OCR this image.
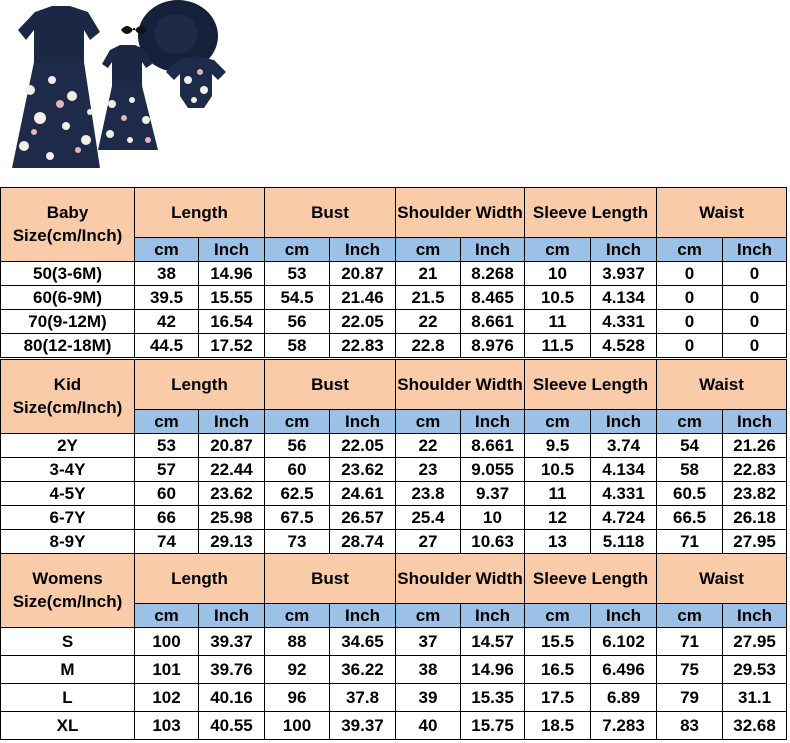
Baby
Size(cm/Inch)	Length		Bust		Shoulder Width		Sleeve Length		Waist	
	cm	Inch	cm	Inch	cm	Inch	cm	Inch	cm	Inch
50(3-6M)	38	14.96	53	20.87	21	8.268	10	3.937	0	0
60(6-9M)	39.5	15.55	54.5	21.46	21.5	8.465	10.5	4.134	0	0
70(9-12M)	42	16.54	56	22.05	22	8.661	11	4.331	0	0
80(12-18M)	44.5	17.52	58	22.83	22.8	8.976	11.5	4.528	0	0
Kid
Size(cm/Inch)	Length		Bust		Shoulder Width		Sleeve Length		Waist	
	cm	Inch	cm	Inch	cm	Inch	cm	Inch	cm	Inch
2Y	53	20.87	56	22.05	22	8.661	9.5	3.74	54	21.26
3-4Y	57	22.44	60	23.62	23	9.055	10.5	4.134	58	22.83
4-5Y	60	23.62	62.5	24.61	23.8	9.37	11	4.331	60.5	23.82
6-7Y	66	25.98	67.5	26.57	25.4	10	12	4.724	66.5	26.18
8-9Y	74	29.13	73	28.74	27	10.63	13	5.118	71	27.95
Womens
Size(cm/Inch)	Length		Bust		Shoulder Width		Sleeve Length		Waist	
	cm	Inch	cm	Inch	cm	Inch	cm	Inch	cm	Inch
S	100	39.37	88	34.65	37	14.57	15.5	6.102	71	27.95
M	101	39.76	92	36.22	38	14.96	16.5	6.496	75	29.53
L	102	40.16	96	37.8	39	15.35	17.5	6.89	79	31.1
XL	103	40.55	100	39.37	40	15.75	18.5	7.283	83	32.68
